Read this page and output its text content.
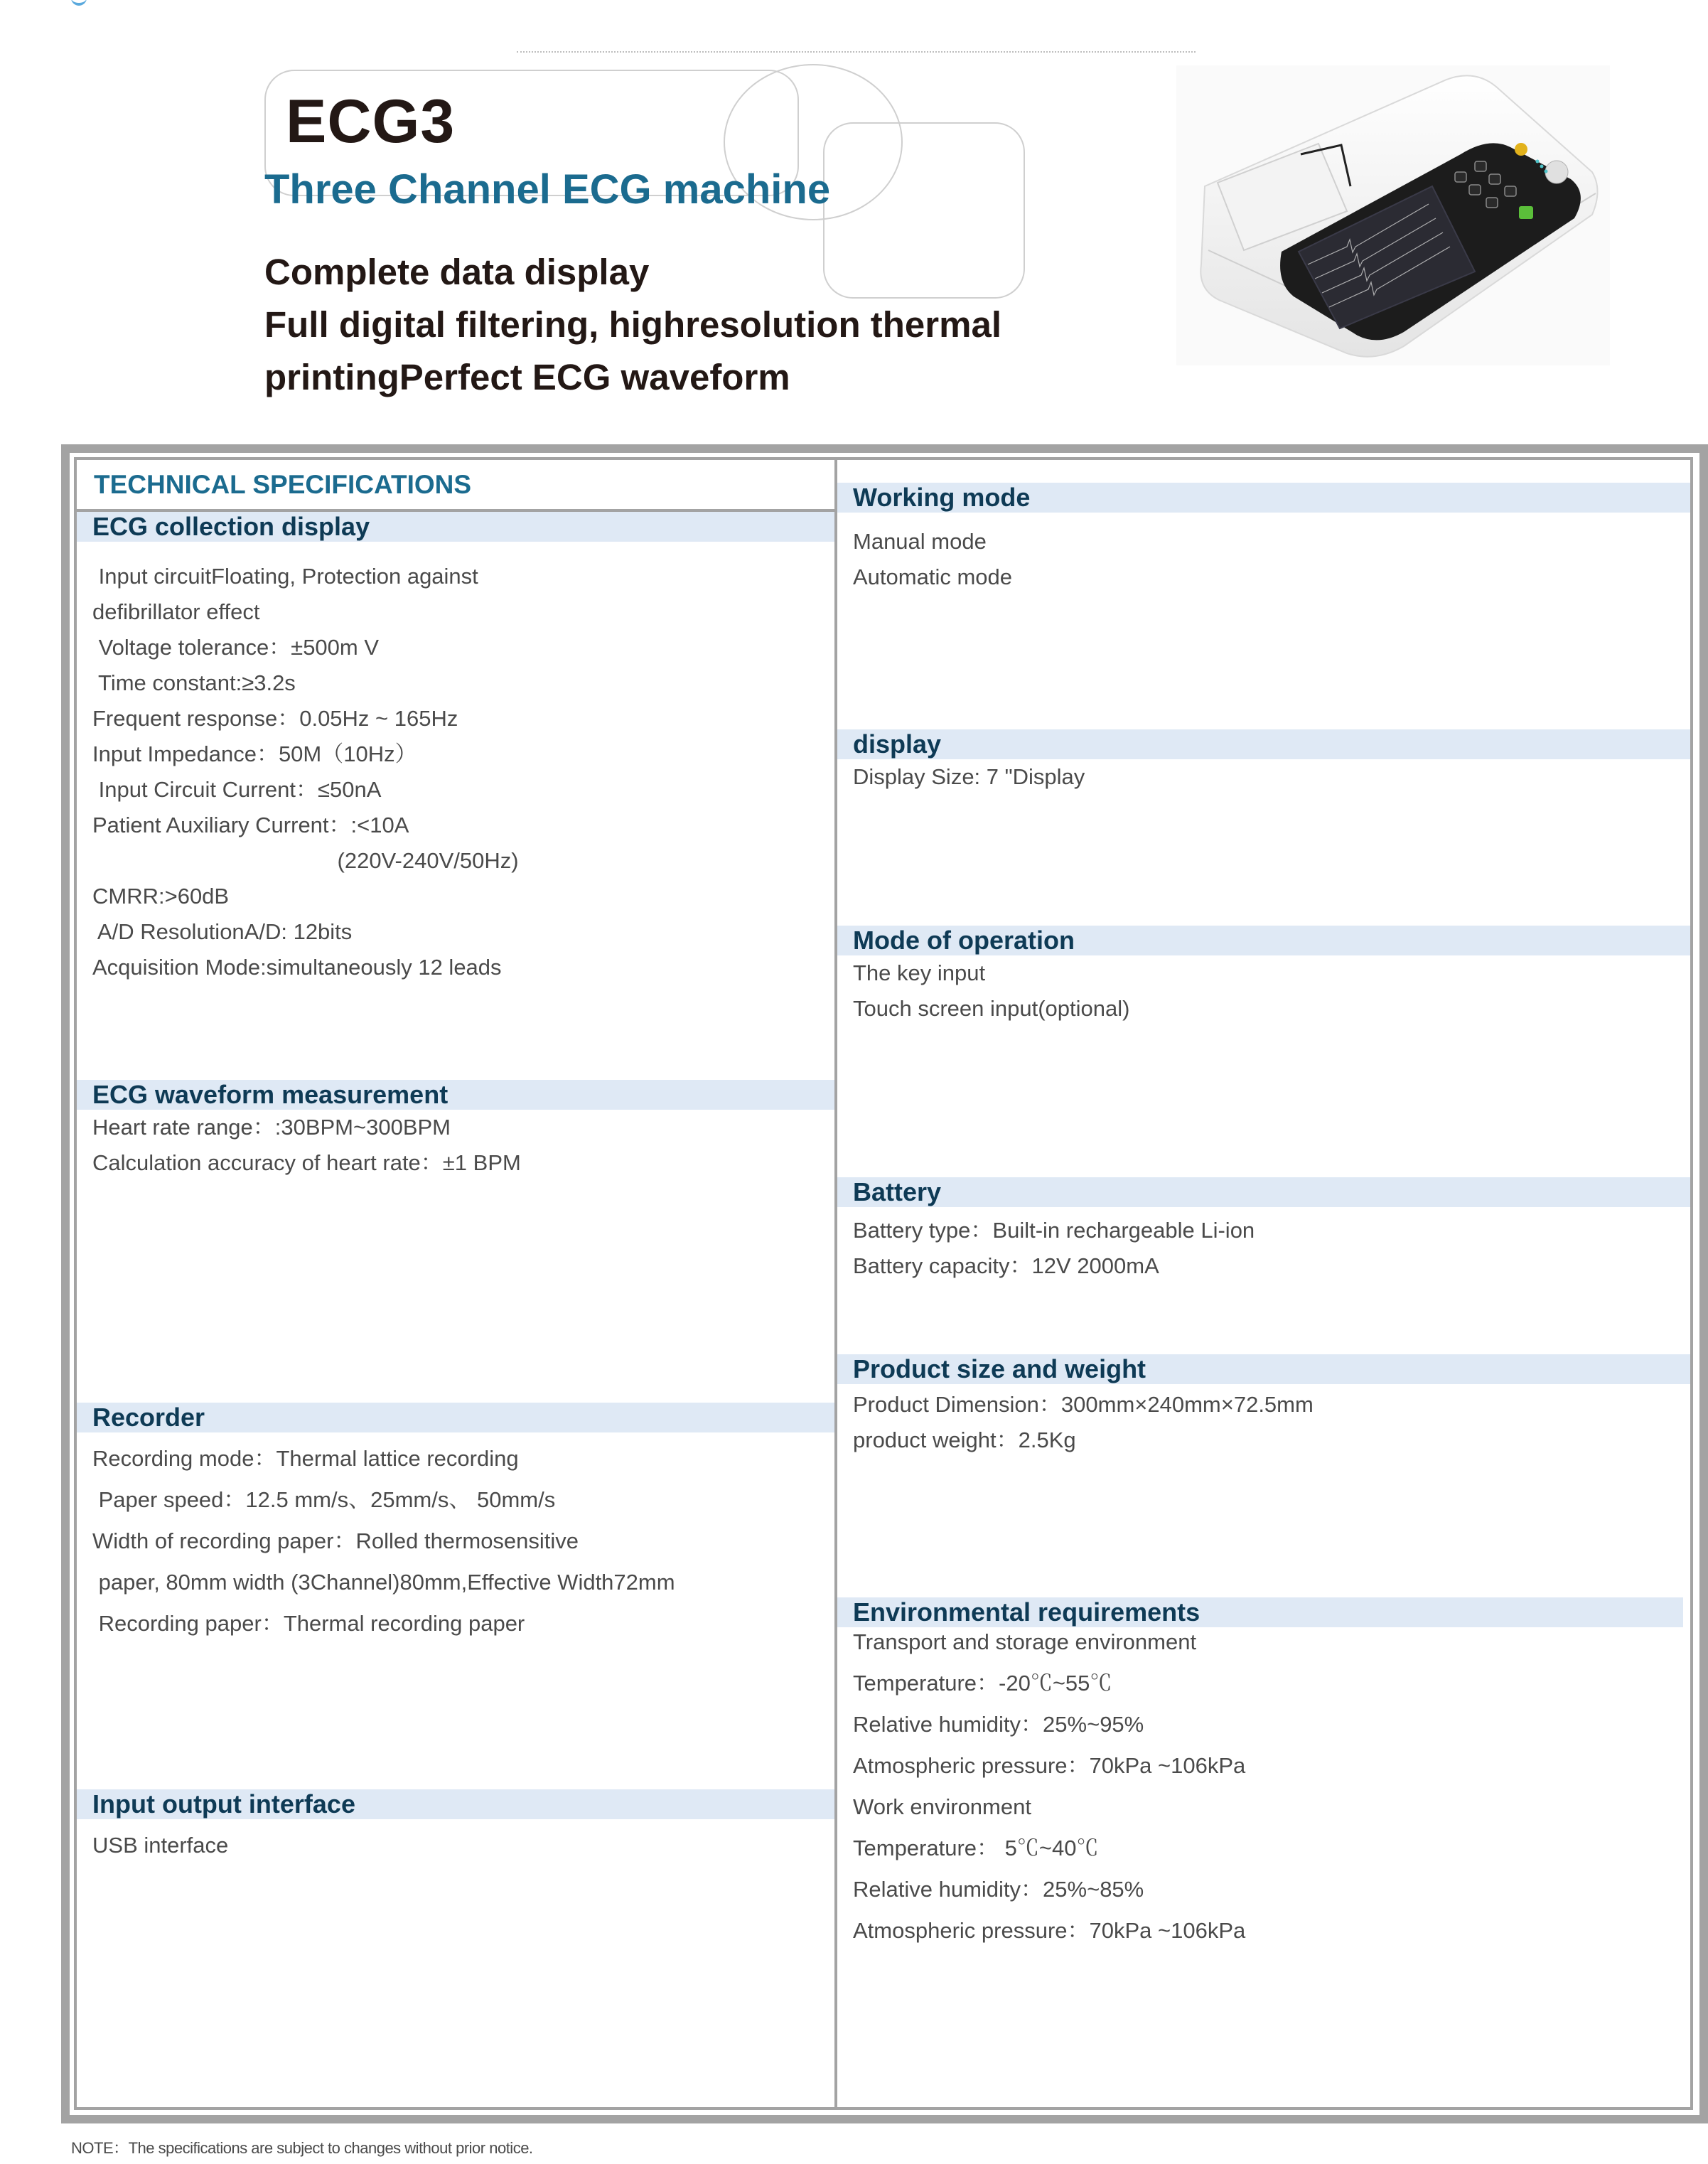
ECG3
Three Channel ECG machine
Complete data display
Full digital filtering, highresolution thermal
printingPerfect ECG waveform
TECHNICAL SPECIFICATIONS
ECG collection display
Input circuitFloating, Protection against
defibrillator effect
Voltage tolerance：±500m V
Time constant:≥3.2s
Frequent response：0.05Hz ~ 165Hz
Input Impedance：50M（10Hz）
Input Circuit Current：≤50nA
Patient Auxiliary Current：:<10A
(220V-240V/50Hz)
CMRR:>60dB
A/D ResolutionA/D: 12bits
Acquisition Mode:simultaneously 12 leads
ECG waveform measurement
Heart rate range：:30BPM~300BPM
Calculation accuracy of heart rate：±1 BPM
Recorder
Recording mode：Thermal lattice recording
Paper speed：12.5 mm/s、25mm/s、 50mm/s
Width of recording paper：Rolled thermosensitive
paper, 80mm width (3Channel)80mm,Effective Width72mm
Recording paper：Thermal recording paper
Input output interface
USB interface
Working mode
Manual mode
Automatic mode
display
Display Size: 7 "Display
Mode of operation
The key input
Touch screen input(optional)
Battery
Battery type：Built-in rechargeable Li-ion
Battery capacity：12V 2000mA
Product size and weight
Product Dimension：300mm×240mm×72.5mm
product weight：2.5Kg
Environmental requirements
Transport and storage environment
Temperature：-20℃~55℃
Relative humidity：25%~95%
Atmospheric pressure：70kPa ~106kPa
Work environment
Temperature： 5℃~40℃
Relative humidity：25%~85%
Atmospheric pressure：70kPa ~106kPa
NOTE：The specifications are subject to changes without prior notice.
